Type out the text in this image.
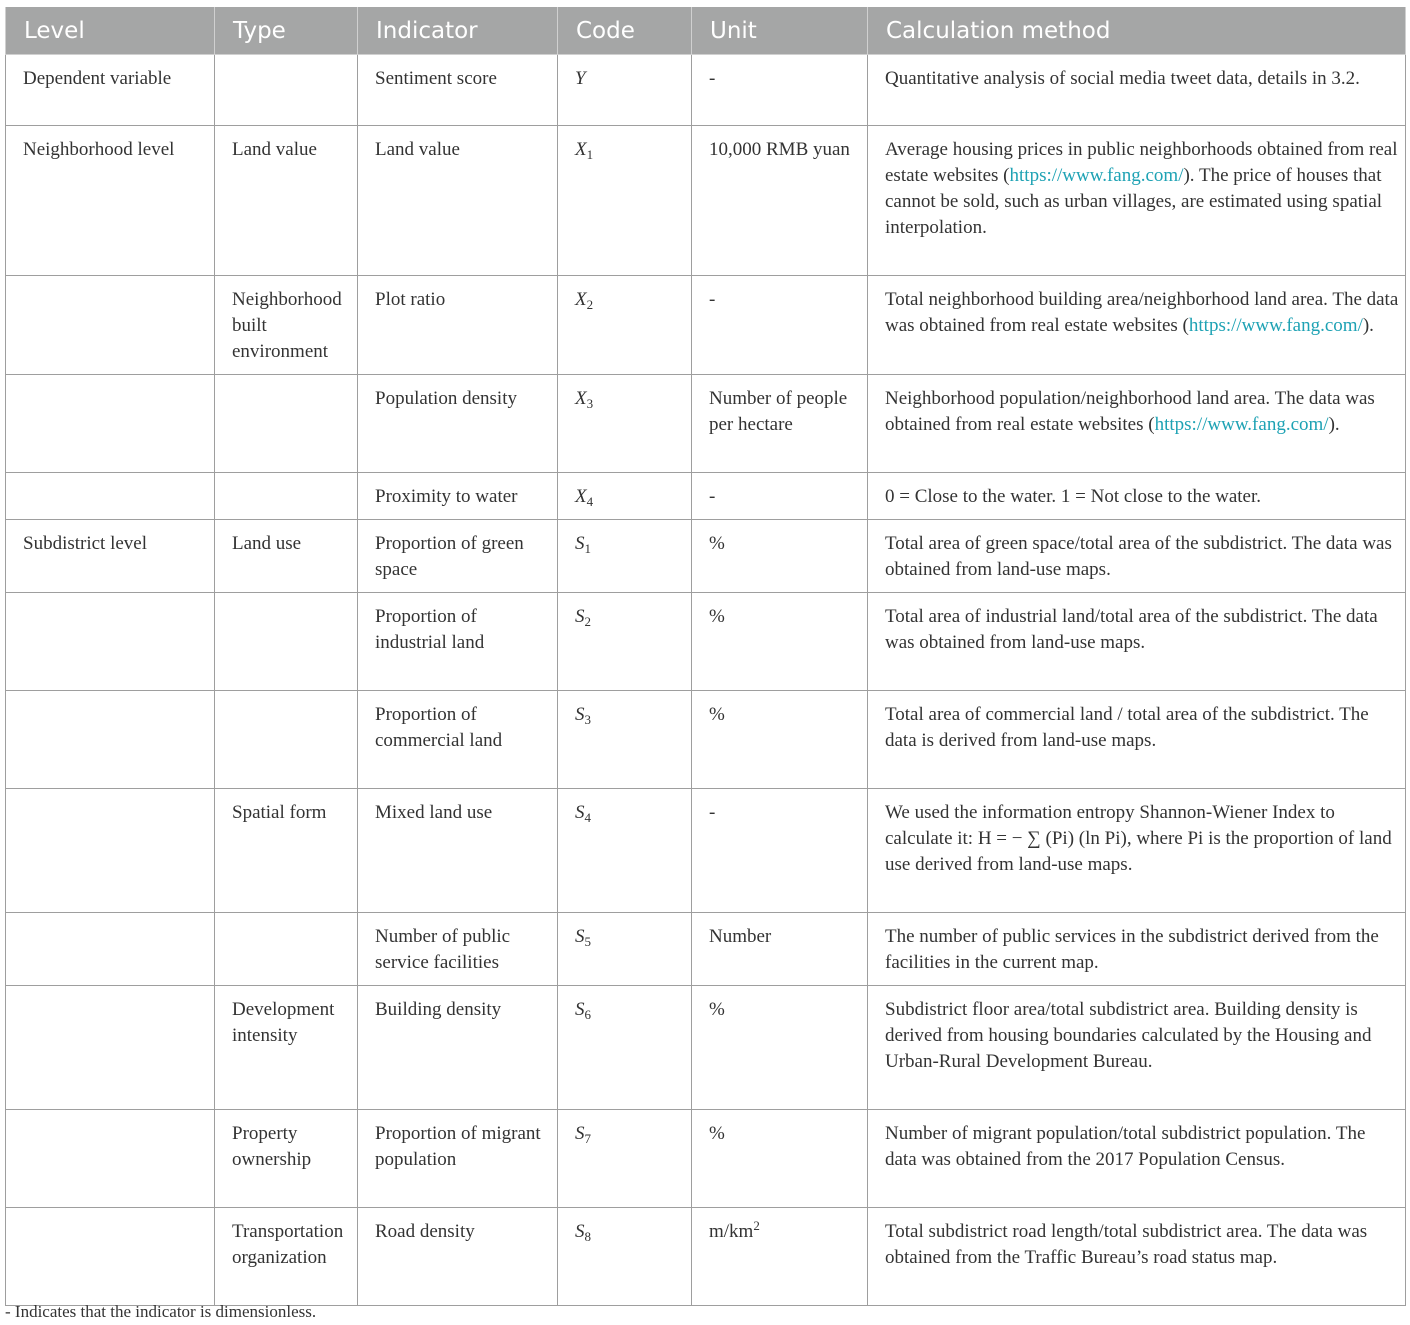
Level	Type	Indicator	Code	Unit	Calculation method
Dependent variable		Sentiment score	Y	-	Quantitative analysis of social media tweet data, details in 3.2.
Neighborhood level	Land value	Land value	$X_1$	10,000 RMB yuan	Average housing prices in public neighborhoods obtained from real estate websites (https://www.fang.com/). The price of houses that cannot be sold, such as urban villages, are estimated using spatial interpolation.
	Neighborhood built environment	Plot ratio	$X_2$	-	Total neighborhood building area/neighborhood land area. The data was obtained from real estate websites (https://www.fang.com/).
		Population density	$X_3$	Number of people per hectare	Neighborhood population/neighborhood land area. The data was obtained from real estate websites (https://www.fang.com/).
		Proximity to water	$X_4$	-	0 = Close to the water. 1 = Not close to the water.
Subdistrict level	Land use	Proportion of green space	$S_1$	%	Total area of green space/total area of the subdistrict. The data was obtained from land-use maps.
		Proportion of industrial land	$S_2$	%	Total area of industrial land/total area of the subdistrict. The data was obtained from land-use maps.
		Proportion of commercial land	$S_3$	%	Total area of commercial land / total area of the subdistrict. The data is derived from land-use maps.
	Spatial form	Mixed land use	$S_4$	-	We used the information entropy Shannon-Wiener Index to calculate it: H = − ∑ (Pi) (ln Pi), where Pi is the proportion of land use derived from land-use maps.
		Number of public service facilities	$S_5$	Number	The number of public services in the subdistrict derived from the facilities in the current map.
	Development intensity	Building density	$S_6$	%	Subdistrict floor area/total subdistrict area. Building density is derived from housing boundaries calculated by the Housing and Urban-Rural Development Bureau.
	Property ownership	Proportion of migrant population	$S_7$	%	Number of migrant population/total subdistrict population. The data was obtained from the 2017 Population Census.
	Transportation organization	Road density	$S_8$	$m/km^2$	Total subdistrict road length/total subdistrict area. The data was obtained from the Traffic Bureau’s road status map.
- Indicates that the indicator is dimensionless.
